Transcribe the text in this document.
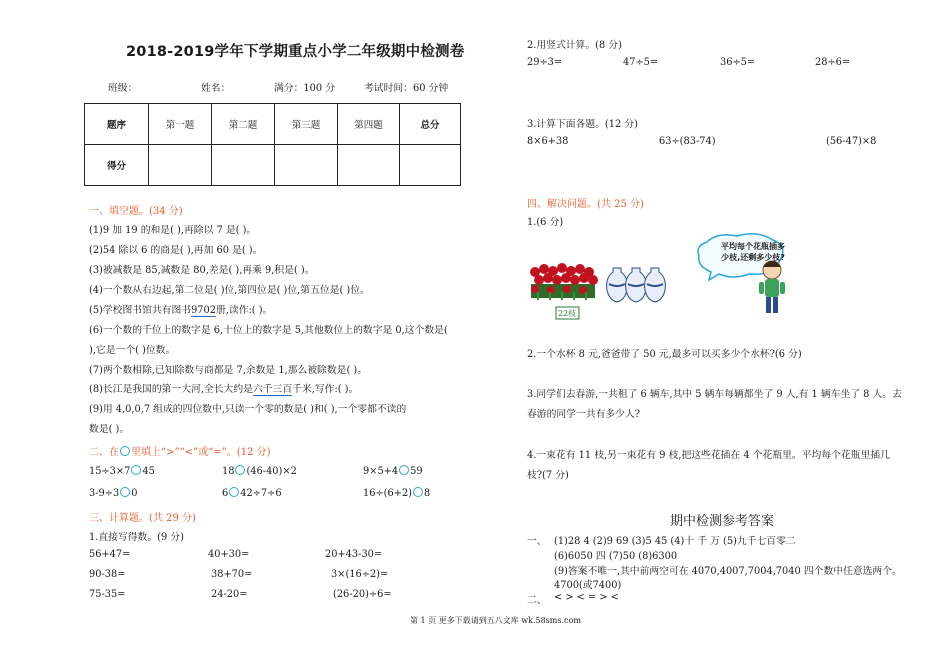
2018-2019学年下学期重点小学二年级期中检测卷
班级：	姓名：	满分：100 分	考试时间：60 分钟
题序	第一题	第二题	第三题	第四题	总分
得分					
一、填空题。(34 分)
(1)9 加 19 的和是( ),再除以 7 是( )。
(2)54 除以 6 的商是( ),再加 60 是( )。
(3)被减数是 85,减数是 80,差是( ),再乘 9,积是( )。
(4)一个数从右边起,第二位是( )位,第四位是( )位,第五位是( )位。
(5)学校图书馆共有图书9702册,读作:( )。
(6)一个数的千位上的数字是 6,十位上的数字是 5,其他数位上的数字是 0,这个数是(
),它是一个( )位数。
(7)两个数相除,已知除数与商都是 7,余数是 1,那么被除数是( )。
(8)长江是我国的第一大河,全长大约是六千三百千米,写作:( )。
(9)用 4,0,0,7 组成的四位数中,只读一个零的数是( )和( ),一个零都不读的
数是( )。
二、在 里填上“>”“<”或“=”。(12 分)
15÷3×7 45	18 (46-40)×2	9×5+4 59
3-9÷3 0	6 42÷7÷6	16÷(6+2) 8
三、计算题。(共 29 分)
1.直接写得数。(9 分)
56+47=	40+30=	20+43-30=
90-38=	38+70=	3×(16÷2)=
75-35=	24-20=	(26-20)÷6=
2.用竖式计算。(8 分)
29÷3=	47÷5=	36÷5=	28÷6=
3.计算下面各题。(12 分)
8×6+38	63÷(83-74)	(56-47)×8
四、解决问题。(共 25 分)
1.(6 分)
平均每个花瓶插多少枝,还剩多少枝?
22枝
2.一个水杯 8 元,爸爸带了 50 元,最多可以买多少个水杯?(6 分)
3.同学们去春游,一共租了 6 辆车,其中 5 辆车每辆都坐了 9 人,有 1 辆车坐了 8 人。去
春游的同学一共有多少人?
4.一束花有 11 枝,另一束花有 9 枝,把这些花插在 4 个花瓶里。平均每个花瓶里插几
枝?(7 分)
期中检测参考答案
一、 (1)28 4 (2)9 69 (3)5 45 (4)十 千 万 (5)九千七百零二
(6)6050 四 (7)50 (8)6300
(9)答案不唯一,其中前两空可在 4070,4007,7004,7040 四个数中任意选两个。
4700(或7400)
二、 < > < = > <
第 1 页 更多下载请到五八文库 wk.58sms.com
